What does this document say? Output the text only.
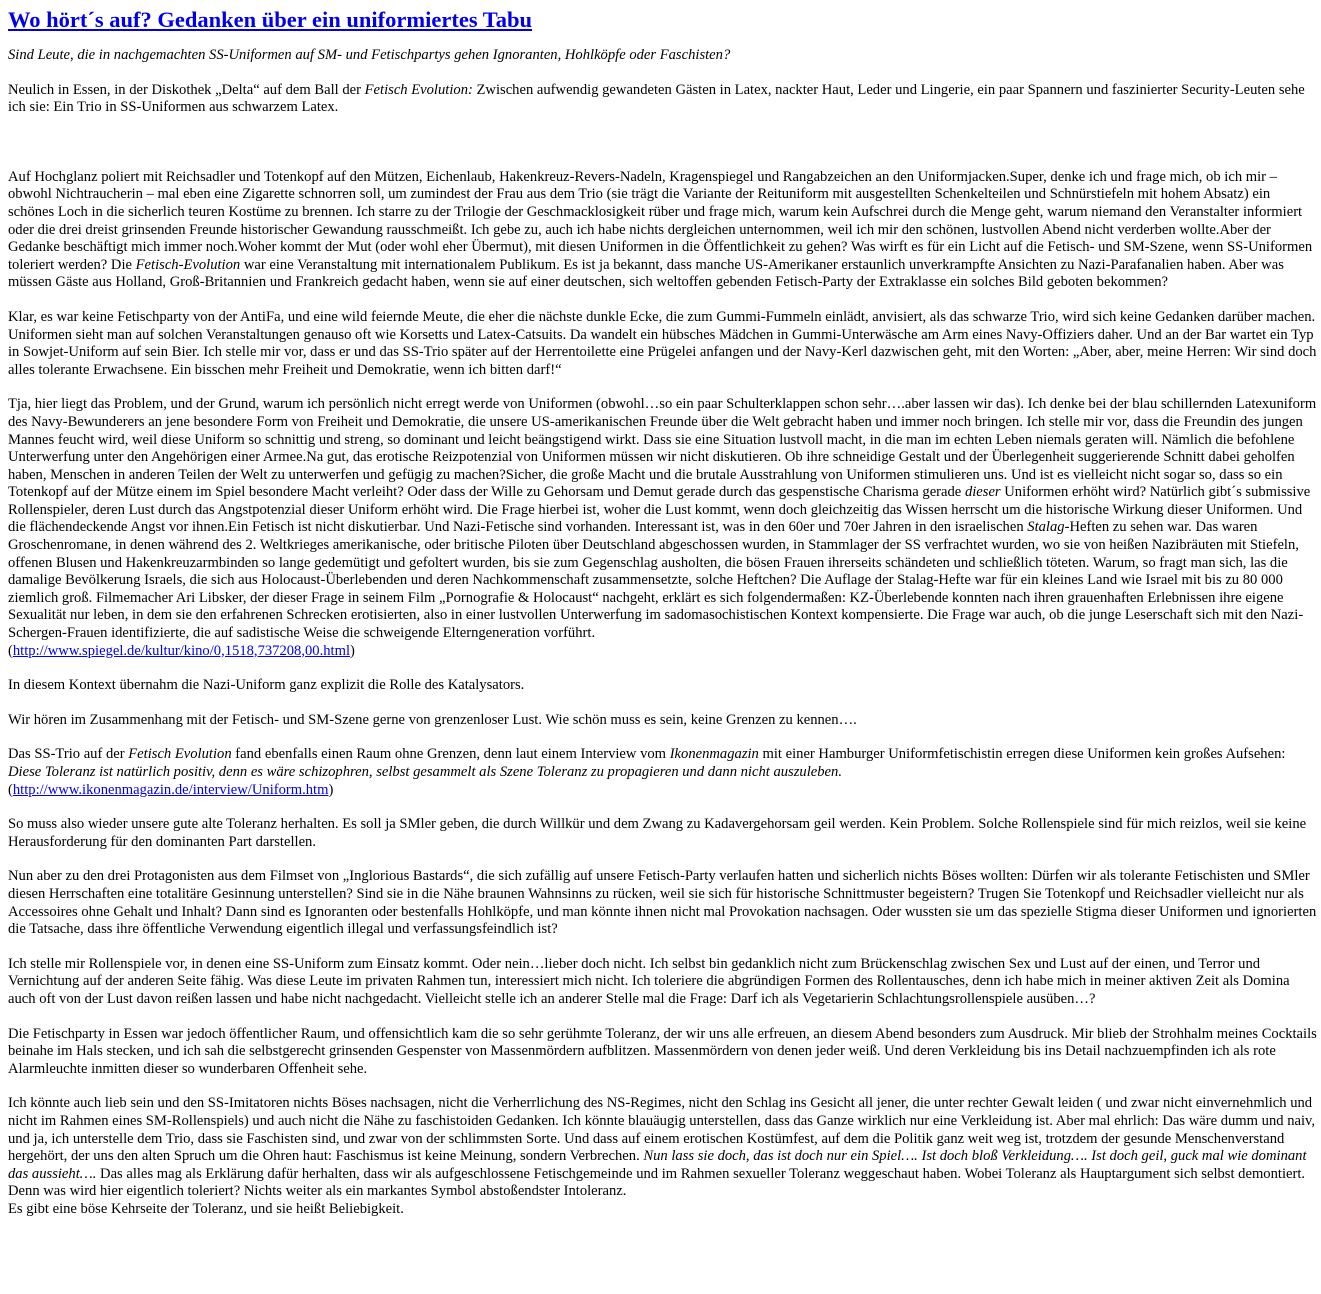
Wo hört´s auf? Gedanken über ein uniformiertes Tabu

Sind Leute, die in nachgemachten SS-Uniformen auf SM- und Fetischpartys gehen Ignoranten, Hohlköpfe oder Faschisten?

Neulich in Essen, in der Diskothek „Delta“ auf dem Ball der Fetisch Evolution: Zwischen aufwendig gewandeten Gästen in Latex, nackter Haut, Leder und Lingerie, ein paar Spannern und faszinierter Security-Leuten sehe ich sie: Ein Trio in SS-Uniformen aus schwarzem Latex.

Auf Hochglanz poliert mit Reichsadler und Totenkopf auf den Mützen, Eichenlaub, Hakenkreuz-Revers-Nadeln, Kragenspiegel und Rangabzeichen an den Uniformjacken.Super, denke ich und frage mich, ob ich mir – obwohl Nichtraucherin – mal eben eine Zigarette schnorren soll, um zumindest der Frau aus dem Trio (sie trägt die Variante der Reituniform mit ausgestellten Schenkelteilen und Schnürstiefeln mit hohem Absatz) ein schönes Loch in die sicherlich teuren Kostüme zu brennen. Ich starre zu der Trilogie der Geschmacklosigkeit rüber und frage mich, warum kein Aufschrei durch die Menge geht, warum niemand den Veranstalter informiert oder die drei dreist grinsenden Freunde historischer Gewandung rausschmeißt. Ich gebe zu, auch ich habe nichts dergleichen unternommen, weil ich mir den schönen, lustvollen Abend nicht verderben wollte.Aber der Gedanke beschäftigt mich immer noch.Woher kommt der Mut (oder wohl eher Übermut), mit diesen Uniformen in die Öffentlichkeit zu gehen? Was wirft es für ein Licht auf die Fetisch- und SM-Szene, wenn SS-Uniformen toleriert werden? Die Fetisch-Evolution war eine Veranstaltung mit internationalem Publikum. Es ist ja bekannt, dass manche US-Amerikaner erstaunlich unverkrampfte Ansichten zu Nazi-Parafanalien haben. Aber was müssen Gäste aus Holland, Groß-Britannien und Frankreich gedacht haben, wenn sie auf einer deutschen, sich weltoffen gebenden Fetisch-Party der Extraklasse ein solches Bild geboten bekommen?

Klar, es war keine Fetischparty von der AntiFa, und eine wild feiernde Meute, die eher die nächste dunkle Ecke, die zum Gummi-Fummeln einlädt, anvisiert, als das schwarze Trio, wird sich keine Gedanken darüber machen. Uniformen sieht man auf solchen Veranstaltungen genauso oft wie Korsetts und Latex-Catsuits. Da wandelt ein hübsches Mädchen in Gummi-Unterwäsche am Arm eines Navy-Offiziers daher. Und an der Bar wartet ein Typ in Sowjet-Uniform auf sein Bier. Ich stelle mir vor, dass er und das SS-Trio später auf der Herrentoilette eine Prügelei anfangen und der Navy-Kerl dazwischen geht, mit den Worten: „Aber, aber, meine Herren: Wir sind doch alles tolerante Erwachsene. Ein bisschen mehr Freiheit und Demokratie, wenn ich bitten darf!“

Tja, hier liegt das Problem, und der Grund, warum ich persönlich nicht erregt werde von Uniformen (obwohl…so ein paar Schulterklappen schon sehr….aber lassen wir das). Ich denke bei der blau schillernden Latexuniform des Navy-Bewunderers an jene besondere Form von Freiheit und Demokratie, die unsere US-amerikanischen Freunde über die Welt gebracht haben und immer noch bringen. Ich stelle mir vor, dass die Freundin des jungen Mannes feucht wird, weil diese Uniform so schnittig und streng, so dominant und leicht beängstigend wirkt. Dass sie eine Situation lustvoll macht, in die man im echten Leben niemals geraten will. Nämlich die befohlene Unterwerfung unter den Angehörigen einer Armee.Na gut, das erotische Reizpotenzial von Uniformen müssen wir nicht diskutieren. Ob ihre schneidige Gestalt und der Überlegenheit suggerierende Schnitt dabei geholfen haben, Menschen in anderen Teilen der Welt zu unterwerfen und gefügig zu machen?Sicher, die große Macht und die brutale Ausstrahlung von Uniformen stimulieren uns. Und ist es vielleicht nicht sogar so, dass so ein Totenkopf auf der Mütze einem im Spiel besondere Macht verleiht? Oder dass der Wille zu Gehorsam und Demut gerade durch das gespenstische Charisma gerade dieser Uniformen erhöht wird? Natürlich gibt´s submissive Rollenspieler, deren Lust durch das Angstpotenzial dieser Uniform erhöht wird. Die Frage hierbei ist, woher die Lust kommt, wenn doch gleichzeitig das Wissen herrscht um die historische Wirkung dieser Uniformen. Und die flächendeckende Angst vor ihnen.Ein Fetisch ist nicht diskutierbar. Und Nazi-Fetische sind vorhanden. Interessant ist, was in den 60er und 70er Jahren in den israelischen Stalag-Heften zu sehen war. Das waren Groschenromane, in denen während des 2. Weltkrieges amerikanische, oder britische Piloten über Deutschland abgeschossen wurden, in Stammlager der SS verfrachtet wurden, wo sie von heißen Nazibräuten mit Stiefeln, offenen Blusen und Hakenkreuzarmbinden so lange gedemütigt und gefoltert wurden, bis sie zum Gegenschlag ausholten, die bösen Frauen ihrerseits schändeten und schließlich töteten. Warum, so fragt man sich, las die damalige Bevölkerung Israels, die sich aus Holocaust-Überlebenden und deren Nachkommenschaft zusammensetzte, solche Heftchen? Die Auflage der Stalag-Hefte war für ein kleines Land wie Israel mit bis zu 80 000 ziemlich groß. Filmemacher Ari Libsker, der dieser Frage in seinem Film „Pornografie & Holocaust“ nachgeht, erklärt es sich folgendermaßen: KZ-Überlebende konnten nach ihren grauenhaften Erlebnissen ihre eigene Sexualität nur leben, in dem sie den erfahrenen Schrecken erotisierten, also in einer lustvollen Unterwerfung im sadomasochistischen Kontext kompensierte. Die Frage war auch, ob die junge Leserschaft sich mit den Nazi-Schergen-Frauen identifizierte, die auf sadistische Weise die schweigende Elterngeneration vorführt.
(http://www.spiegel.de/kultur/kino/0,1518,737208,00.html)

In diesem Kontext übernahm die Nazi-Uniform ganz explizit die Rolle des Katalysators.

Wir hören im Zusammenhang mit der Fetisch- und SM-Szene gerne von grenzenloser Lust. Wie schön muss es sein, keine Grenzen zu kennen….

Das SS-Trio auf der Fetisch Evolution fand ebenfalls einen Raum ohne Grenzen, denn laut einem Interview vom Ikonenmagazin mit einer Hamburger Uniformfetischistin erregen diese Uniformen kein großes Aufsehen: Diese Toleranz ist natürlich positiv, denn es wäre schizophren, selbst gesammelt als Szene Toleranz zu propagieren und dann nicht auszuleben.
(http://www.ikonenmagazin.de/interview/Uniform.htm)

So muss also wieder unsere gute alte Toleranz herhalten. Es soll ja SMler geben, die durch Willkür und dem Zwang zu Kadavergehorsam geil werden. Kein Problem. Solche Rollenspiele sind für mich reizlos, weil sie keine Herausforderung für den dominanten Part darstellen.

Nun aber zu den drei Protagonisten aus dem Filmset von „Inglorious Bastards“, die sich zufällig auf unsere Fetisch-Party verlaufen hatten und sicherlich nichts Böses wollten: Dürfen wir als tolerante Fetischisten und SMler diesen Herrschaften eine totalitäre Gesinnung unterstellen? Sind sie in die Nähe braunen Wahnsinns zu rücken, weil sie sich für historische Schnittmuster begeistern? Trugen Sie Totenkopf und Reichsadler vielleicht nur als Accessoires ohne Gehalt und Inhalt? Dann sind es Ignoranten oder bestenfalls Hohlköpfe, und man könnte ihnen nicht mal Provokation nachsagen. Oder wussten sie um das spezielle Stigma dieser Uniformen und ignorierten die Tatsache, dass ihre öffentliche Verwendung eigentlich illegal und verfassungsfeindlich ist?

Ich stelle mir Rollenspiele vor, in denen eine SS-Uniform zum Einsatz kommt. Oder nein…lieber doch nicht. Ich selbst bin gedanklich nicht zum Brückenschlag zwischen Sex und Lust auf der einen, und Terror und Vernichtung auf der anderen Seite fähig. Was diese Leute im privaten Rahmen tun, interessiert mich nicht. Ich toleriere die abgründigen Formen des Rollentausches, denn ich habe mich in meiner aktiven Zeit als Domina auch oft von der Lust davon reißen lassen und habe nicht nachgedacht. Vielleicht stelle ich an anderer Stelle mal die Frage: Darf ich als Vegetarierin Schlachtungsrollenspiele ausüben…?

Die Fetischparty in Essen war jedoch öffentlicher Raum, und offensichtlich kam die so sehr gerühmte Toleranz, der wir uns alle erfreuen, an diesem Abend besonders zum Ausdruck. Mir blieb der Strohhalm meines Cocktails beinahe im Hals stecken, und ich sah die selbstgerecht grinsenden Gespenster von Massenmördern aufblitzen. Massenmördern von denen jeder weiß. Und deren Verkleidung bis ins Detail nachzuempfinden ich als rote Alarmleuchte inmitten dieser so wunderbaren Offenheit sehe.

Ich könnte auch lieb sein und den SS-Imitatoren nichts Böses nachsagen, nicht die Verherrlichung des NS-Regimes, nicht den Schlag ins Gesicht all jener, die unter rechter Gewalt leiden ( und zwar nicht einvernehmlich und nicht im Rahmen eines SM-Rollenspiels) und auch nicht die Nähe zu faschistoiden Gedanken. Ich könnte blauäugig unterstellen, dass das Ganze wirklich nur eine Verkleidung ist. Aber mal ehrlich: Das wäre dumm und naiv, und ja, ich unterstelle dem Trio, dass sie Faschisten sind, und zwar von der schlimmsten Sorte. Und dass auf einem erotischen Kostümfest, auf dem die Politik ganz weit weg ist, trotzdem der gesunde Menschenverstand hergehört, der uns den alten Spruch um die Ohren haut: Faschismus ist keine Meinung, sondern Verbrechen. Nun lass sie doch, das ist doch nur ein Spiel…. Ist doch bloß Verkleidung…. Ist doch geil, guck mal wie dominant das aussieht…. Das alles mag als Erklärung dafür herhalten, dass wir als aufgeschlossene Fetischgemeinde und im Rahmen sexueller Toleranz weggeschaut haben. Wobei Toleranz als Hauptargument sich selbst demontiert. Denn was wird hier eigentlich toleriert? Nichts weiter als ein markantes Symbol abstoßendster Intoleranz.
Es gibt eine böse Kehrseite der Toleranz, und sie heißt Beliebigkeit.
